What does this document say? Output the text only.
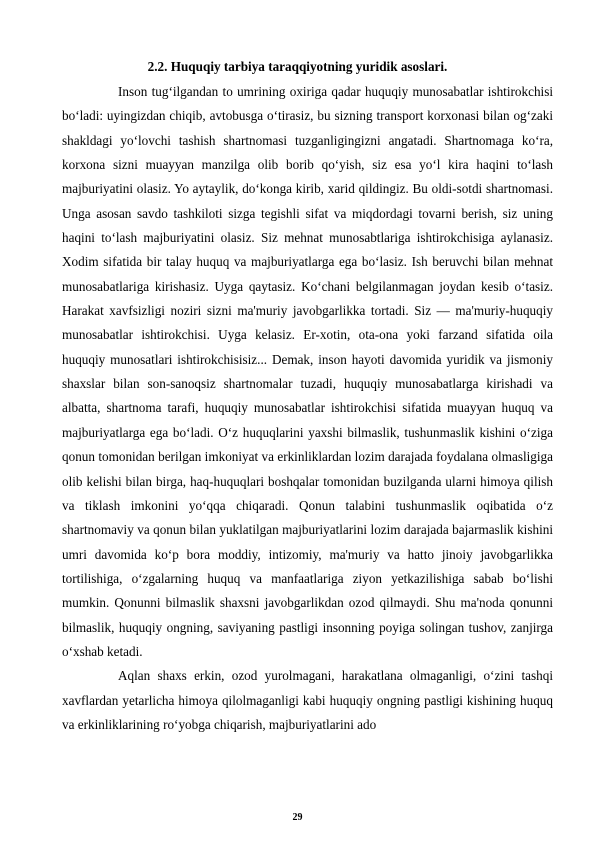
2.2. Huquqiy tarbiya taraqqiyotning yuridik asoslari.

Inson tug‘ilgandan to umrining oxiriga qadar huquqiy munosabatlar ishtirokchisi bo‘ladi: uyingizdan chiqib, avtobusga o‘tirasiz, bu sizning transport korxonasi bilan og‘zaki shakldagi yo‘lovchi tashish shartnomasi tuzganligingizni angatadi. Shartnomaga ko‘ra, korxona sizni muayyan manzilga olib borib qo‘yish, siz esa yo‘l kira haqini to‘lash majburiyatini olasiz. Yo aytaylik, do‘konga kirib, xarid qildingiz. Bu oldi-sotdi shartnomasi. Unga asosan savdo tashkiloti sizga tegishli sifat va miqdordagi tovarni berish, siz uning haqini to‘lash majburiyatini olasiz. Siz mehnat munosabtlariga ishtirokchisiga aylanasiz. Xodim sifatida bir talay huquq va majburiyatlarga ega bo‘lasiz. Ish beruvchi bilan mehnat munosabatlariga kirishasiz. Uyga qaytasiz. Ko‘chani belgilanmagan joydan kesib o‘tasiz. Harakat xavfsizligi noziri sizni ma'muriy javobgarlikka tortadi. Siz — ma'muriy-huquqiy munosabatlar ishtirokchisi. Uyga kelasiz. Er-xotin, ota-ona yoki farzand sifatida oila huquqiy munosatlari ishtirokchisisiz... Demak, inson hayoti davomida yuridik va jismoniy shaxslar bilan son-sanoqsiz shartnomalar tuzadi, huquqiy munosabatlarga kirishadi va albatta, shartnoma tarafi, huquqiy munosabatlar ishtirokchisi sifatida muayyan huquq va majburiyatlarga ega bo‘ladi. O‘z huquqlarini yaxshi bilmaslik, tushunmaslik kishini o‘ziga qonun tomonidan berilgan imkoniyat va erkinliklardan lozim darajada foydalana olmasligiga olib kelishi bilan birga, haq-huquqlari boshqalar tomonidan buzilganda ularni himoya qilish va tiklash imkonini yo‘qqa chiqaradi. Qonun talabini tushunmaslik oqibatida o‘z shartnomaviy va qonun bilan yuklatilgan majburiyatlarini lozim darajada bajarmaslik kishini umri davomida ko‘p bora moddiy, intizomiy, ma'muriy va hatto jinoiy javobgarlikka tortilishiga, o‘zgalarning huquq va manfaatlariga ziyon yetkazilishiga sabab bo‘lishi mumkin. Qonunni bilmaslik shaxsni javobgarlikdan ozod qilmaydi. Shu ma'noda qonunni bilmaslik, huquqiy ongning, saviyaning pastligi insonning poyiga solingan tushov, zanjirga o‘xshab ketadi.

Aqlan shaxs erkin, ozod yurolmagani, harakatlana olmaganligi, o‘zini tashqi xavflardan yetarlicha himoya qilolmaganligi kabi huquqiy ongning pastligi kishining huquq va erkinliklarining ro‘yobga chiqarish, majburiyatlarini ado

29
